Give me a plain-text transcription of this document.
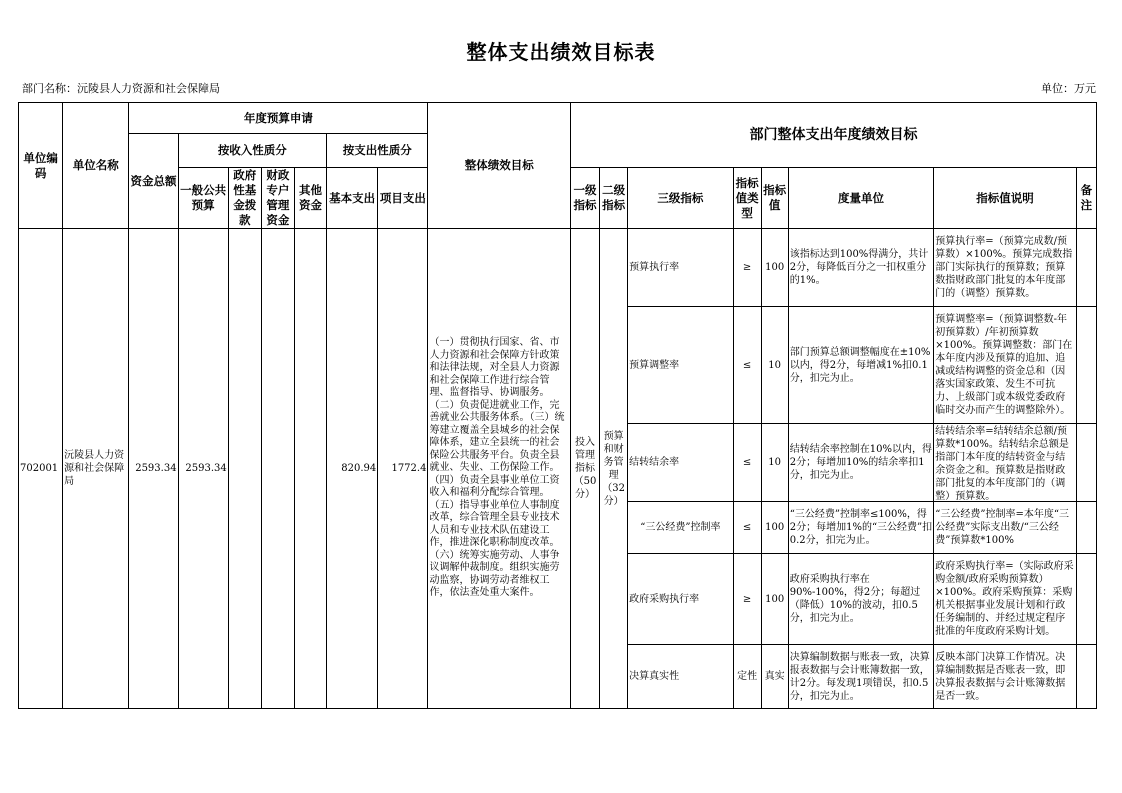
整体支出绩效目标表
部门名称：沅陵县人力资源和社会保障局	单位：万元
单位编码	单位名称	年度预算申请							整体绩效目标	部门整体支出年度绩效目标							
		资金总额	按收入性质分				按支出性质分										
			一般公共预算	政府性基金拨款	财政专户管理资金	其他资金	基本支出	项目支出		一级指标	二级指标	三级指标	指标值类型	指标值	度量单位	指标值说明	备注

702001	沅陵县人力资源和社会保障局	2593.34	2593.34				820.94	1772.4	（一）贯彻执行国家、省、市人力资源和社会保障方针政策和法律法规，对全县人力资源和社会保障工作进行综合管理、监督指导、协调服务。（二）负责促进就业工作，完善就业公共服务体系。（三）统筹建立覆盖全县城乡的社会保障体系，建立全县统一的社会保险公共服务平台。负责全县就业、失业、工伤保险工作。（四）负责全县事业单位工资收入和福利分配综合管理。（五）指导事业单位人事制度改革，综合管理全县专业技术人员和专业技术队伍建设工作，推进深化职称制度改革。（六）统筹实施劳动、人事争议调解仲裁制度。组织实施劳动监察，协调劳动者维权工作，依法查处重大案件。	投入管理指标（50分）	预算和财务管理（32分）	预算执行率	≥	100	该指标达到100%得满分，共计2分，每降低百分之一扣权重分的1%。	预算执行率=（预算完成数/预算数）×100%。预算完成数指部门实际执行的预算数；预算数指财政部门批复的本年度部门的（调整）预算数。	

												预算调整率	≤	10	部门预算总额调整幅度在±10%以内，得2分，每增减1%扣0.1分，扣完为止。	预算调整率=（预算调整数-年初预算数）/年初预算数×100%。预算调整数：部门在本年度内涉及预算的追加、追减或结构调整的资金总和（因落实国家政策、发生不可抗力、上级部门或本级党委政府临时交办而产生的调整除外）。	

												结转结余率	≤	10	结转结余率控制在10%以内，得2分；每增加10%的结余率扣1分，扣完为止。	结转结余率=结转结余总额/预算数*100%。结转结余总额是指部门本年度的结转资金与结余资金之和。预算数是指财政部门批复的本年度部门的（调整）预算数。	

												“三公经费”控制率	≤	100	“三公经费”控制率≤100%，得2分；每增加1%的“三公经费”扣0.2分，扣完为止。	“三公经费”控制率=本年度“三公经费”实际支出数/“三公经费”预算数*100%	

												政府采购执行率	≥	100	政府采购执行率在90%-100%，得2分；每超过（降低）10%的波动，扣0.5分，扣完为止。	政府采购执行率=（实际政府采购金额/政府采购预算数）×100%。政府采购预算：采购机关根据事业发展计划和行政任务编制的、并经过规定程序批准的年度政府采购计划。	

												决算真实性	定性	真实	决算编制数据与账表一致，决算报表数据与会计账簿数据一致，计2分。每发现1项错误，扣0.5分，扣完为止。	反映本部门决算工作情况。决算编制数据是否账表一致，即决算报表数据与会计账簿数据是否一致。	
